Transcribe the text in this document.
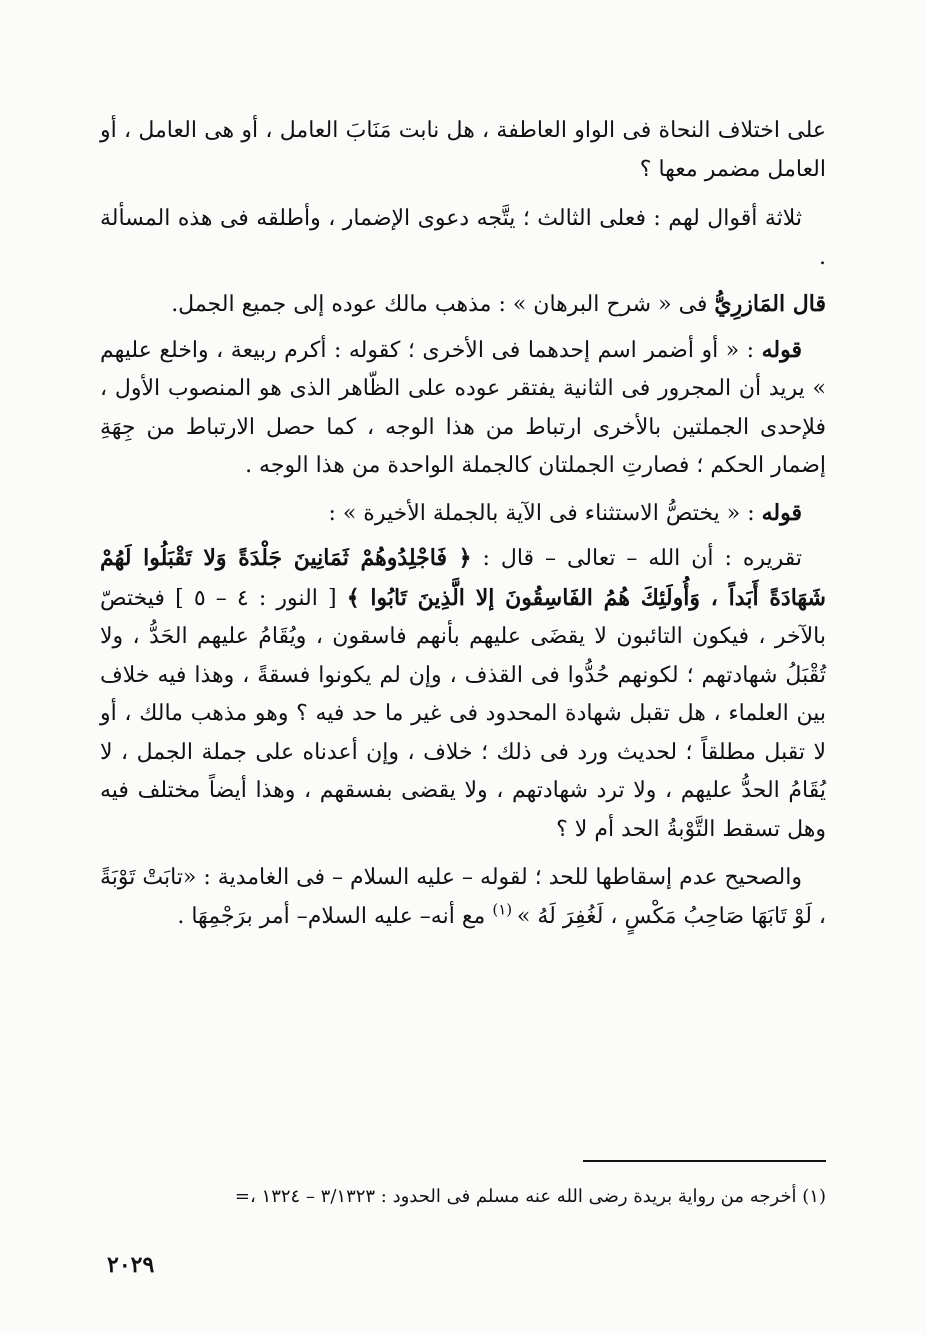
على اختلاف النحاة فى الواو العاطفة ، هل نابت مَنَابَ العامل ، أو هى العامل ، أو العامل مضمر معها ؟

ثلاثة أقوال لهم : فعلى الثالث ؛ يتَّجه دعوى الإضمار ، وأطلقه فى هذه المسألة .

قال المَازرِيُّ فى « شرح البرهان » : مذهب مالك عوده إلى جميع الجمل.

قوله : « أو أضمر اسم إحدهما فى الأخرى ؛ كقوله : أكرم ربيعة ، واخلع عليهم » يريد أن المجرور فى الثانية يفتقر عوده على الظّاهر الذى هو المنصوب الأول ، فلإحدى الجملتين بالأخرى ارتباط من هذا الوجه ، كما حصل الارتباط من جِهَةِ إضمار الحكم ؛ فصارتِ الجملتان كالجملة الواحدة من هذا الوجه .

قوله : « يختصُّ الاستثناء فى الآية بالجملة الأخيرة » :

تقريره : أن الله – تعالى – قال : ﴿ فَاجْلِدُوهُمْ ثَمَانِينَ جَلْدَةً وَلا تَقْبَلُوا لَهُمْ شَهَادَةً أَبَداً ، وَأُولَئِكَ هُمُ الفَاسِقُونَ إلا الَّذِينَ تَابُوا ﴾ [ النور : ٤ – ٥ ] فيختصّ بالآخر ، فيكون التائبون لا يقضَى عليهم بأنهم فاسقون ، ويُقَامُ عليهم الحَدُّ ، ولا تُقْبَلُ شهادتهم ؛ لكونهم حُدُّوا فى القذف ، وإن لم يكونوا فسقةً ، وهذا فيه خلاف بين العلماء ، هل تقبل شهادة المحدود فى غير ما حد فيه ؟ وهو مذهب مالك ، أو لا تقبل مطلقاً ؛ لحديث ورد فى ذلك ؛ خلاف ، وإن أعدناه على جملة الجمل ، لا يُقَامُ الحدُّ عليهم ، ولا ترد شهادتهم ، ولا يقضى بفسقهم ، وهذا أيضاً مختلف فيه وهل تسقط التَّوْبةُ الحد أم لا ؟

والصحيح عدم إسقاطها للحد ؛ لقوله – عليه السلام – فى الغامدية : «تابَتْ تَوْبَةً ، لَوْ تَابَهَا صَاحِبُ مَكْسٍ ، لَغُفِرَ لَهُ » $^{(١)}$ مع أنه– عليه السلام– أمر برَجْمِهَا .

(١) أخرجه من رواية بريدة رضى الله عنه مسلم فى الحدود : ٣/١٣٢٣ – ١٣٢٤ ،=
٢٠٢٩
